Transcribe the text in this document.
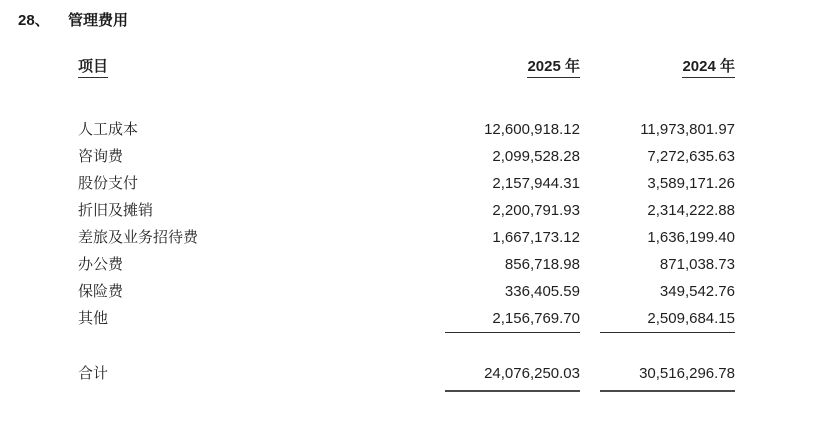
28、	管理费用
项目	2025 年	2024 年
人工成本	12,600,918.12	11,973,801.97
咨询费	2,099,528.28	7,272,635.63
股份支付	2,157,944.31	3,589,171.26
折旧及摊销	2,200,791.93	2,314,222.88
差旅及业务招待费	1,667,173.12	1,636,199.40
办公费	856,718.98	871,038.73
保险费	336,405.59	349,542.76
其他	2,156,769.70	2,509,684.15
合计	24,076,250.03	30,516,296.78
